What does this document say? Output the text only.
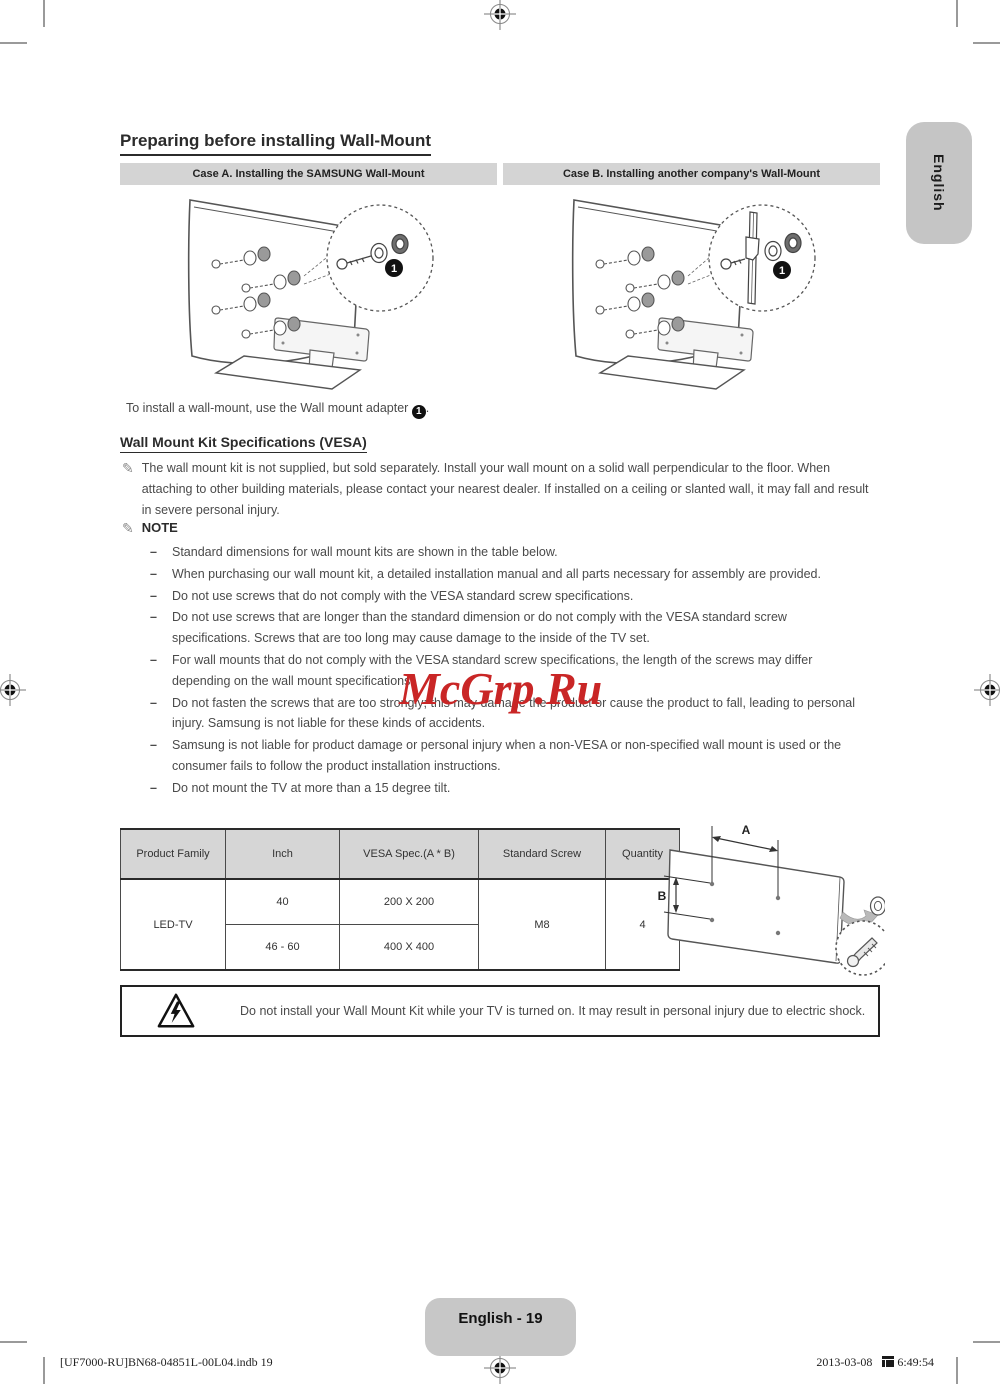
English
Preparing before installing Wall-Mount
Case A. Installing the SAMSUNG Wall-Mount	Case B. Installing another company's Wall-Mount
1	1
To install a wall-mount, use the Wall mount adapter 1 .
Wall Mount Kit Specifications (VESA)
✎ The wall mount kit is not supplied, but sold separately. Install your wall mount on a solid wall perpendicular to the floor. When attaching to other building materials, please contact your nearest dealer. If installed on a ceiling or slanted wall, it may fall and result in severe personal injury.
✎ NOTE
– Standard dimensions for wall mount kits are shown in the table below.
– When purchasing our wall mount kit, a detailed installation manual and all parts necessary for assembly are provided.
– Do not use screws that do not comply with the VESA standard screw specifications.
– Do not use screws that are longer than the standard dimension or do not comply with the VESA standard screw specifications. Screws that are too long may cause damage to the inside of the TV set.
– For wall mounts that do not comply with the VESA standard screw specifications, the length of the screws may differ depending on the wall mount specifications.
– Do not fasten the screws that are too strongly; this may damage the product or cause the product to fall, leading to personal injury. Samsung is not liable for these kinds of accidents.
– Samsung is not liable for product damage or personal injury when a non-VESA or non-specified wall mount is used or the consumer fails to follow the product installation instructions.
– Do not mount the TV at more than a 15 degree tilt.
Product Family	Inch	VESA Spec.(A * B)	Standard Screw	Quantity
LED-TV	40	200 X 200	M8	4
	46 - 60	400 X 400		
A
B
Do not install your Wall Mount Kit while your TV is turned on. It may result in personal injury due to electric shock.
McGrp.Ru
English - 19
[UF7000-RU]BN68-04851L-00L04.indb 19	2013-03-08 6:49:54
